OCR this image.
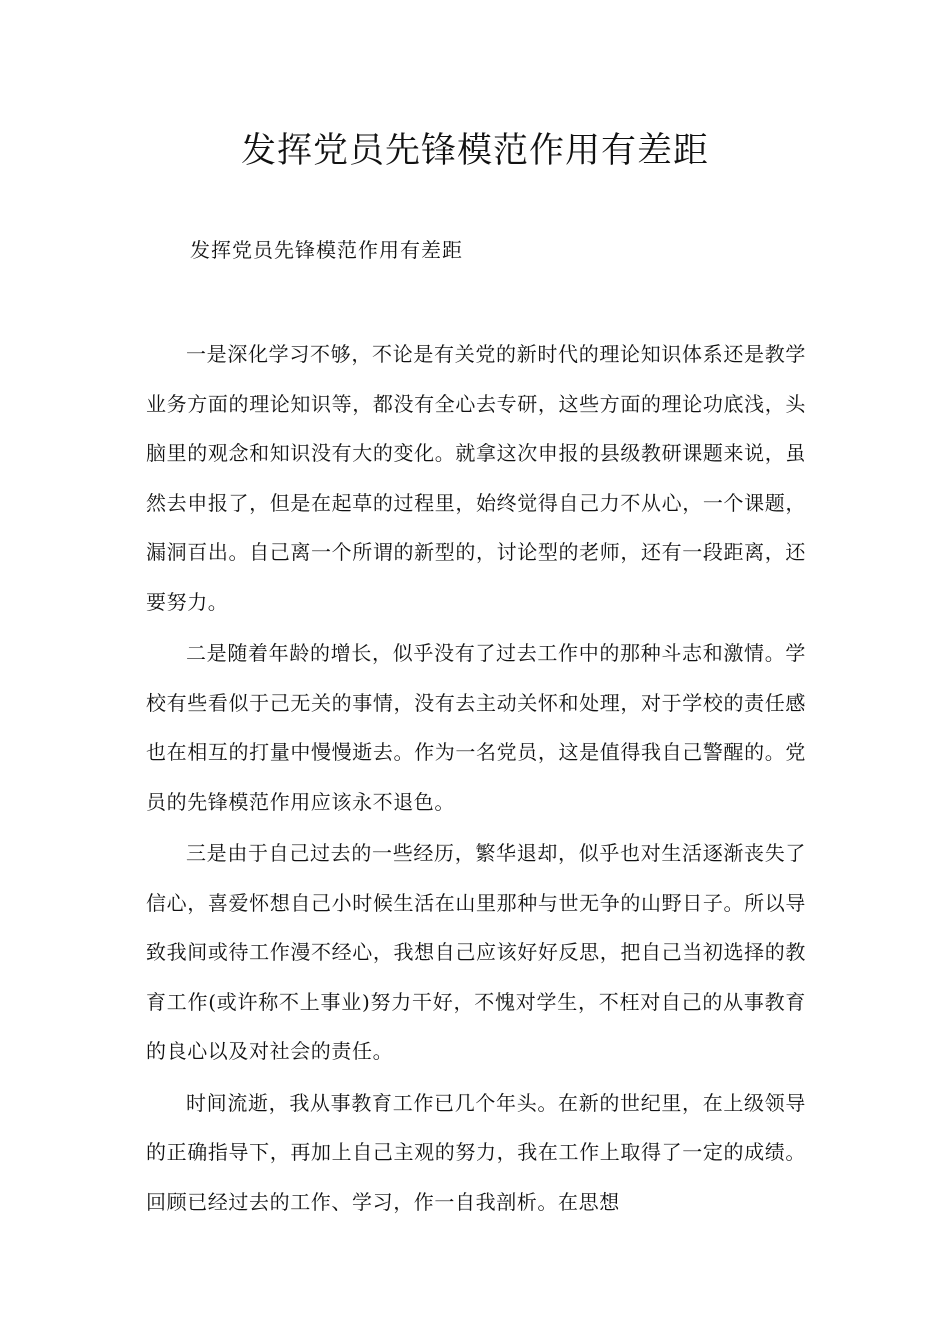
发挥党员先锋模范作用有差距

发挥党员先锋模范作用有差距

一是深化学习不够，不论是有关党的新时代的理论知识体系还是教学业务方面的理论知识等，都没有全心去专研，这些方面的理论功底浅，头脑里的观念和知识没有大的变化。就拿这次申报的县级教研课题来说，虽然去申报了，但是在起草的过程里，始终觉得自己力不从心，一个课题，漏洞百出。自己离一个所谓的新型的，讨论型的老师，还有一段距离，还要努力。

二是随着年龄的增长，似乎没有了过去工作中的那种斗志和激情。学校有些看似于己无关的事情，没有去主动关怀和处理，对于学校的责任感也在相互的打量中慢慢逝去。作为一名党员，这是值得我自己警醒的。党员的先锋模范作用应该永不退色。

三是由于自己过去的一些经历，繁华退却，似乎也对生活逐渐丧失了信心，喜爱怀想自己小时候生活在山里那种与世无争的山野日子。所以导致我间或待工作漫不经心，我想自己应该好好反思，把自己当初选择的教育工作(或许称不上事业)努力干好，不愧对学生，不枉对自己的从事教育的良心以及对社会的责任。

时间流逝，我从事教育工作已几个年头。在新的世纪里，在上级领导的正确指导下，再加上自己主观的努力，我在工作上取得了一定的成绩。回顾已经过去的工作、学习，作一自我剖析。在思想
